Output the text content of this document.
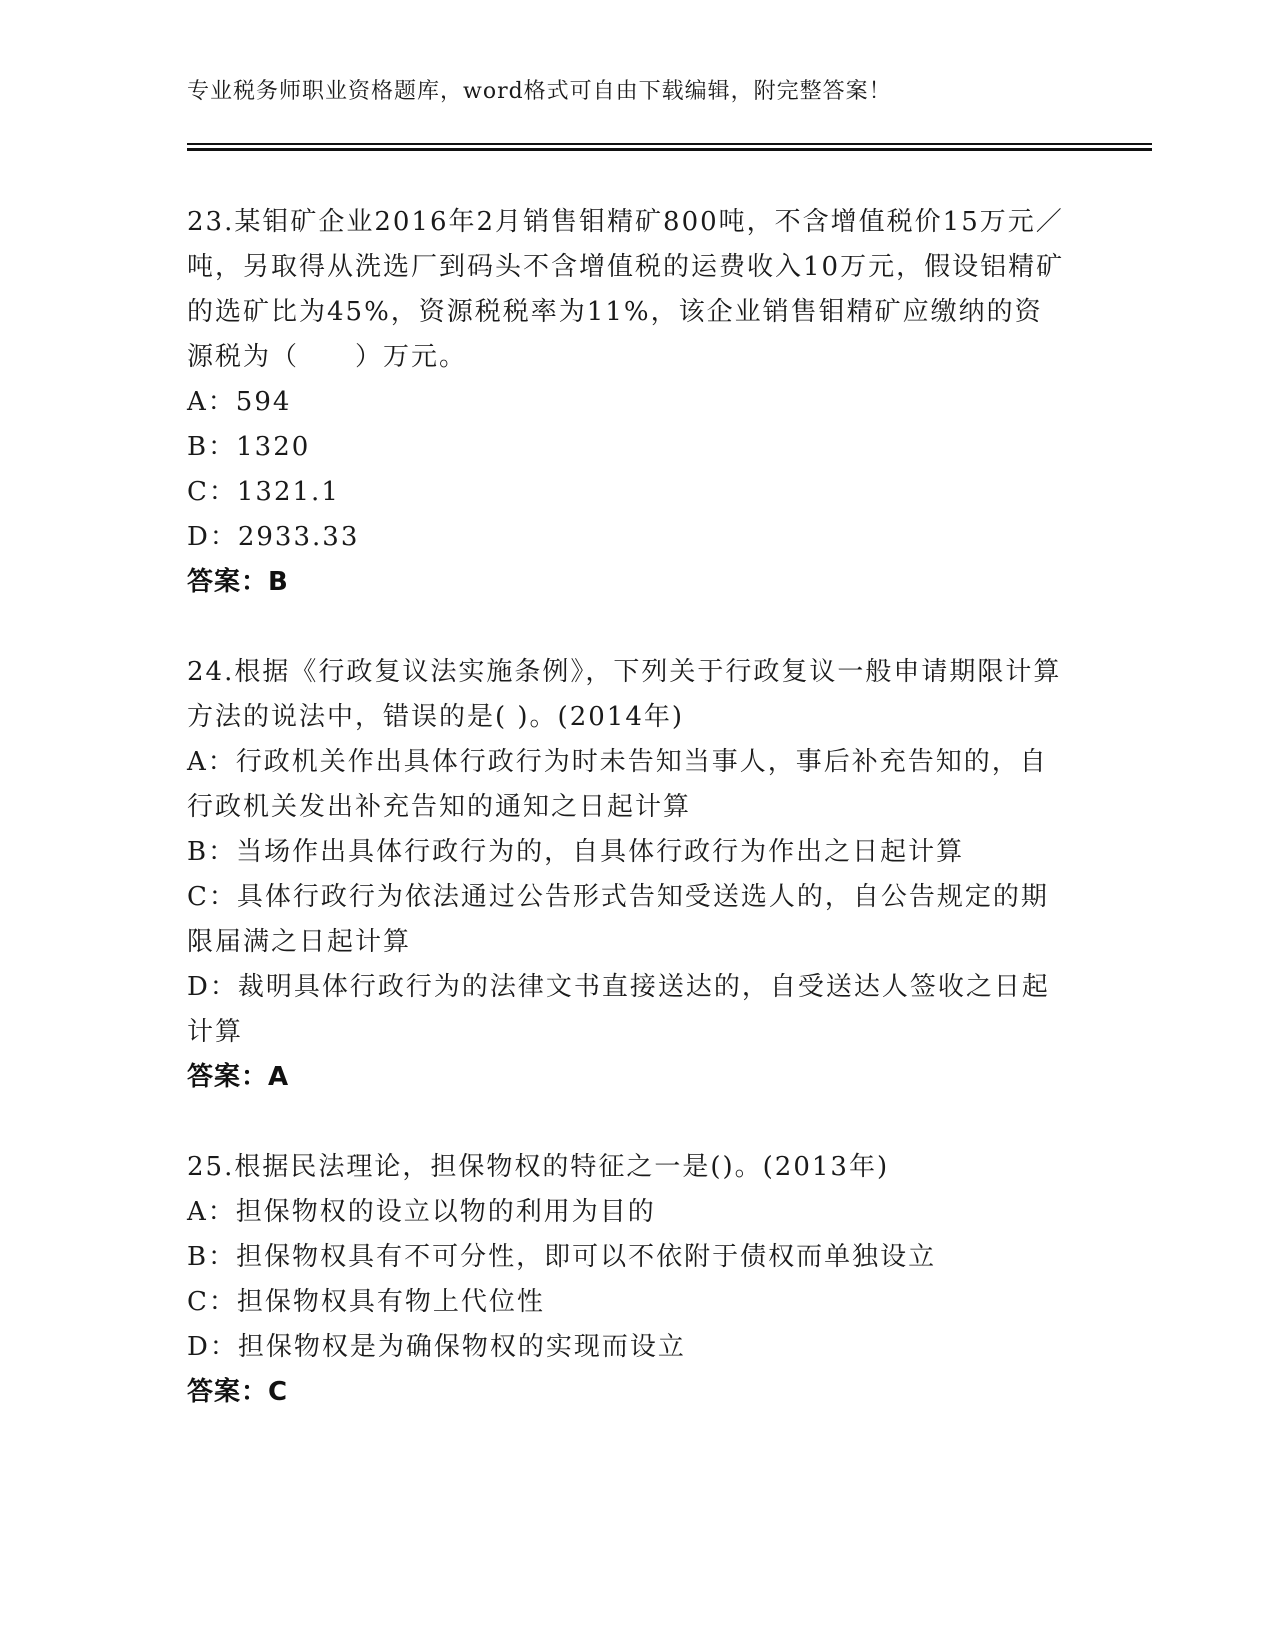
专业税务师职业资格题库，word格式可自由下载编辑，附完整答案！

23.某钼矿企业2016年2月销售钼精矿800吨，不含增值税价15万元／吨，另取得从洗选厂到码头不含增值税的运费收入10万元，假设铝精矿的选矿比为45%，资源税税率为11%，该企业销售钼精矿应缴纳的资源税为（　　）万元。

A：594

B：1320

C：1321.1

D：2933.33

答案：B

24.根据《行政复议法实施条例》，下列关于行政复议一般申请期限计算方法的说法中，错误的是( )。(2014年)

A：行政机关作出具体行政行为时未告知当事人，事后补充告知的，自行政机关发出补充告知的通知之日起计算

B：当场作出具体行政行为的，自具体行政行为作出之日起计算

C：具体行政行为依法通过公告形式告知受送选人的，自公告规定的期限届满之日起计算

D：裁明具体行政行为的法律文书直接送达的，自受送达人签收之日起计算

答案：A

25.根据民法理论，担保物权的特征之一是()。(2013年)

A：担保物权的设立以物的利用为目的

B：担保物权具有不可分性，即可以不依附于债权而单独设立

C：担保物权具有物上代位性

D：担保物权是为确保物权的实现而设立

答案：C
